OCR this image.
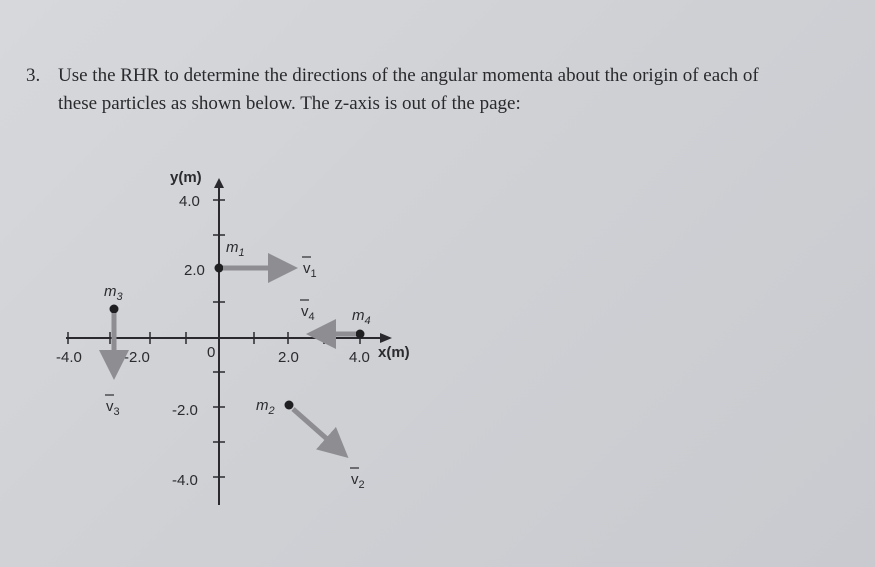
3. Use the RHR to determine the directions of the angular momenta about the origin of each of
these particles as shown below. The z-axis is out of the page:
y(m)
x(m)
4.0
2.0
-2.0
-4.0
-4.0	-2.0	2.0	4.0
0
$m_1$
$v_1$
$m_2$
$v_2$
$m_3$
$v_3$
$m_4$
$v_4$
